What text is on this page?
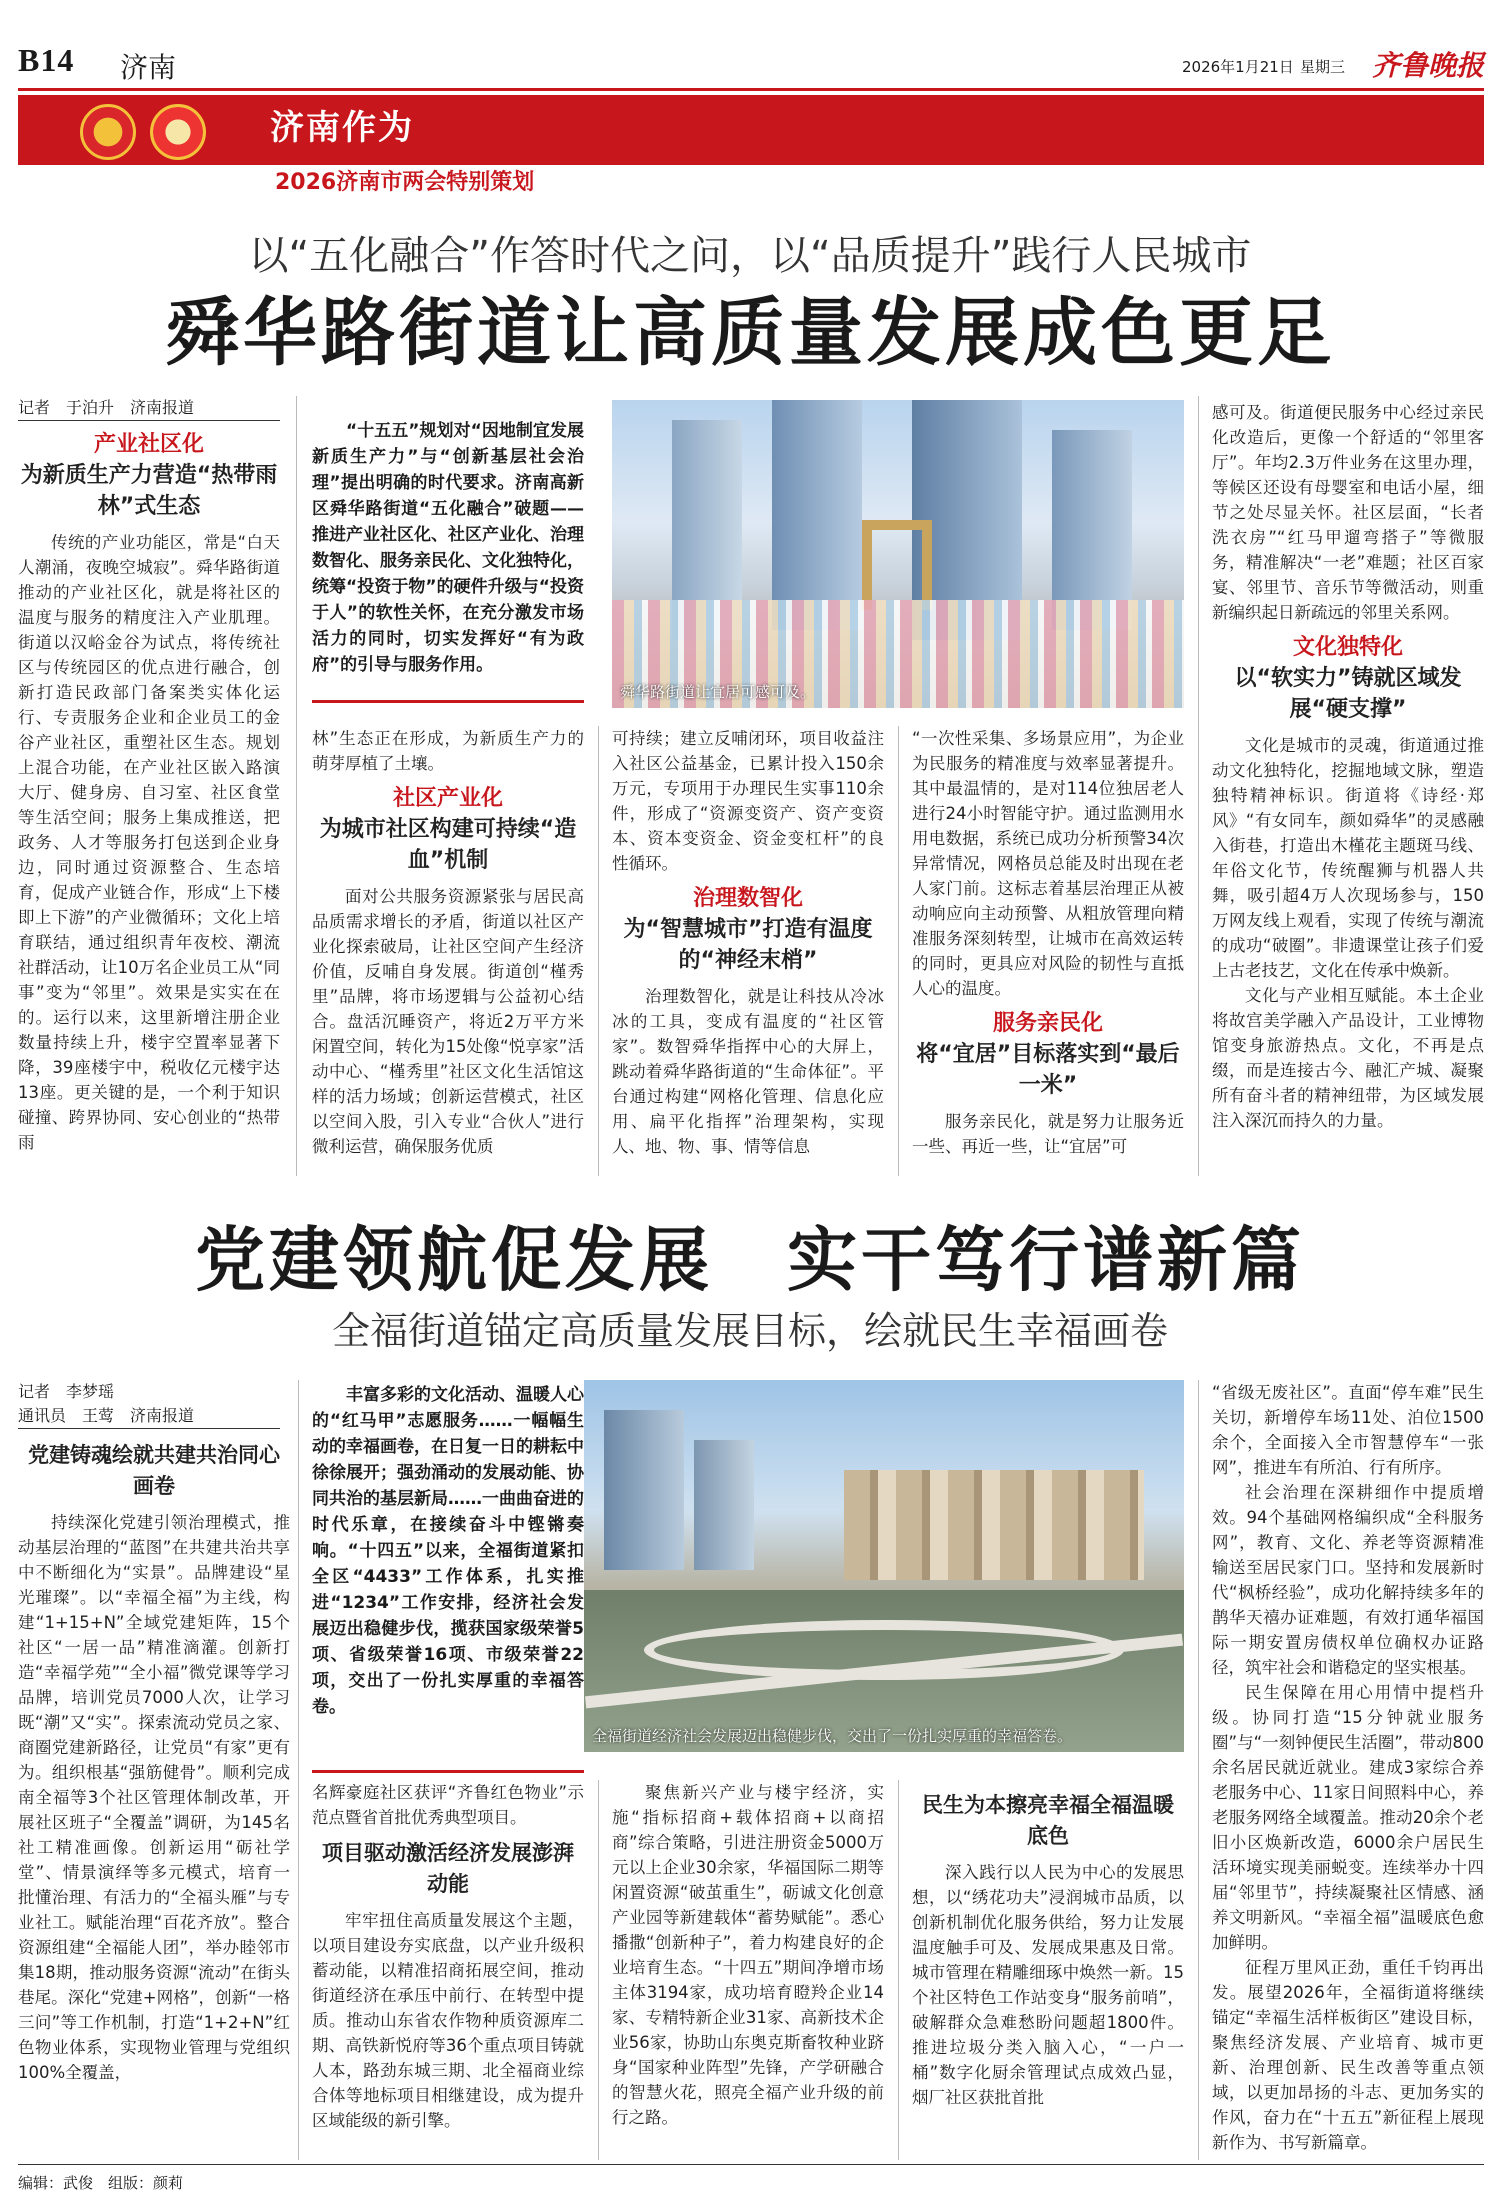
B14 济南	2026年1月21日 星期三 齐鲁晚报
济南作为
2026济南市两会特别策划
以“五化融合”作答时代之问，以“品质提升”践行人民城市
舜华路街道让高质量发展成色更足
记者　于泊升　济南报道
产业社区化
为新质生产力营造“热带雨林”式生态

传统的产业功能区，常是“白天人潮涌，夜晚空城寂”。舜华路街道推动的产业社区化，就是将社区的温度与服务的精度注入产业肌理。街道以汉峪金谷为试点，将传统社区与传统园区的优点进行融合，创新打造民政部门备案类实体化运行、专责服务企业和企业员工的金谷产业社区，重塑社区生态。规划上混合功能，在产业社区嵌入路演大厅、健身房、自习室、社区食堂等生活空间；服务上集成推送，把政务、人才等服务打包送到企业身边，同时通过资源整合、生态培育，促成产业链合作，形成“上下楼即上下游”的产业微循环；文化上培育联结，通过组织青年夜校、潮流社群活动，让10万名企业员工从“同事”变为“邻里”。效果是实实在在的。运行以来，这里新增注册企业数量持续上升，楼宇空置率显著下降，39座楼宇中，税收亿元楼宇达13座。更关键的是，一个利于知识碰撞、跨界协同、安心创业的“热带雨

“十五五”规划对“因地制宜发展新质生产力”与“创新基层社会治理”提出明确的时代要求。济南高新区舜华路街道“五化融合”破题——推进产业社区化、社区产业化、治理数智化、服务亲民化、文化独特化，统筹“投资于物”的硬件升级与“投资于人”的软性关怀，在充分激发市场活力的同时，切实发挥好“有为政府”的引导与服务作用。

舜华路街道让宜居可感可及。
林”生态正在形成，为新质生产力的萌芽厚植了土壤。
社区产业化
为城市社区构建可持续“造血”机制

面对公共服务资源紧张与居民高品质需求增长的矛盾，街道以社区产业化探索破局，让社区空间产生经济价值，反哺自身发展。街道创“槿秀里”品牌，将市场逻辑与公益初心结合。盘活沉睡资产，将近2万平方米闲置空间，转化为15处像“悦享家”活动中心、“槿秀里”社区文化生活馆这样的活力场域；创新运营模式，社区以空间入股，引入专业“合伙人”进行微利运营，确保服务优质

可持续；建立反哺闭环，项目收益注入社区公益基金，已累计投入150余万元，专项用于办理民生实事110余件，形成了“资源变资产、资产变资本、资本变资金、资金变杠杆”的良性循环。
治理数智化
为“智慧城市”打造有温度的“神经末梢”

治理数智化，就是让科技从冷冰冰的工具，变成有温度的“社区管家”。数智舜华指挥中心的大屏上，跳动着舜华路街道的“生命体征”。平台通过构建“网格化管理、信息化应用、扁平化指挥”治理架构，实现人、地、物、事、情等信息

“一次性采集、多场景应用”，为企业为民服务的精准度与效率显著提升。其中最温情的，是对114位独居老人进行24小时智能守护。通过监测用水用电数据，系统已成功分析预警34次异常情况，网格员总能及时出现在老人家门前。这标志着基层治理正从被动响应向主动预警、从粗放管理向精准服务深刻转型，让城市在高效运转的同时，更具应对风险的韧性与直抵人心的温度。
服务亲民化
将“宜居”目标落实到“最后一米”

服务亲民化，就是努力让服务近一些、再近一些，让“宜居”可

感可及。街道便民服务中心经过亲民化改造后，更像一个舒适的“邻里客厅”。年均2.3万件业务在这里办理，等候区还设有母婴室和电话小屋，细节之处尽显关怀。社区层面，“长者洗衣房”“红马甲遛弯搭子”等微服务，精准解决“一老”难题；社区百家宴、邻里节、音乐节等微活动，则重新编织起日新疏远的邻里关系网。
文化独特化
以“软实力”铸就区域发展“硬支撑”

文化是城市的灵魂，街道通过推动文化独特化，挖掘地域文脉，塑造独特精神标识。街道将《诗经·郑风》“有女同车，颜如舜华”的灵感融入街巷，打造出木槿花主题斑马线、年俗文化节，传统醒狮与机器人共舞，吸引超4万人次现场参与，150万网友线上观看，实现了传统与潮流的成功“破圈”。非遗课堂让孩子们爱上古老技艺，文化在传承中焕新。

文化与产业相互赋能。本土企业将故宫美学融入产品设计，工业博物馆变身旅游热点。文化，不再是点缀，而是连接古今、融汇产城、凝聚所有奋斗者的精神纽带，为区域发展注入深沉而持久的力量。

党建领航促发展　实干笃行谱新篇
全福街道锚定高质量发展目标，绘就民生幸福画卷
记者　李梦瑶
通讯员　王莺　济南报道
党建铸魂绘就共建共治同心画卷

持续深化党建引领治理模式，推动基层治理的“蓝图”在共建共治共享中不断细化为“实景”。品牌建设“星光璀璨”。以“幸福全福”为主线，构建“1+15+N”全域党建矩阵，15个社区“一居一品”精准滴灌。创新打造“幸福学苑”“全小福”微党课等学习品牌，培训党员7000人次，让学习既“潮”又“实”。探索流动党员之家、商圈党建新路径，让党员“有家”更有为。组织根基“强筋健骨”。顺利完成南全福等3个社区管理体制改革，开展社区班子“全覆盖”调研，为145名社工精准画像。创新运用“砺社学堂”、情景演绎等多元模式，培育一批懂治理、有活力的“全福头雁”与专业社工。赋能治理“百花齐放”。整合资源组建“全福能人团”，举办睦邻市集18期，推动服务资源“流动”在街头巷尾。深化“党建+网格”，创新“一格三问”等工作机制，打造“1+2+N”红色物业体系，实现物业管理与党组织100%全覆盖，

丰富多彩的文化活动、温暖人心的“红马甲”志愿服务……一幅幅生动的幸福画卷，在日复一日的耕耘中徐徐展开；强劲涌动的发展动能、协同共治的基层新局……一曲曲奋进的时代乐章，在接续奋斗中铿锵奏响。“十四五”以来，全福街道紧扣全区“4433”工作体系，扎实推进“1234”工作安排，经济社会发展迈出稳健步伐，揽获国家级荣誉5项、省级荣誉16项、市级荣誉22项，交出了一份扎实厚重的幸福答卷。

全福街道经济社会发展迈出稳健步伐，交出了一份扎实厚重的幸福答卷。
名辉豪庭社区获评“齐鲁红色物业”示范点暨省首批优秀典型项目。
项目驱动激活经济发展澎湃动能

牢牢扭住高质量发展这个主题，以项目建设夯实底盘，以产业升级积蓄动能，以精准招商拓展空间，推动街道经济在承压中前行、在转型中提质。推动山东省农作物种质资源库二期、高铁新悦府等36个重点项目铸就人本，路劲东城三期、北全福商业综合体等地标项目相继建设，成为提升区域能级的新引擎。

聚焦新兴产业与楼宇经济，实施“指标招商+载体招商+以商招商”综合策略，引进注册资金5000万元以上企业30余家，华福国际二期等闲置资源“破茧重生”，砺诚文化创意产业园等新建载体“蓄势赋能”。悉心播撒“创新种子”，着力构建良好的企业培育生态。“十四五”期间净增市场主体3194家，成功培育瞪羚企业14家、专精特新企业31家、高新技术企业56家，协助山东奥克斯畜牧种业跻身“国家种业阵型”先锋，产学研融合的智慧火花，照亮全福产业升级的前行之路。

民生为本擦亮幸福全福温暖底色

深入践行以人民为中心的发展思想，以“绣花功夫”浸润城市品质，以创新机制优化服务供给，努力让发展温度触手可及、发展成果惠及日常。城市管理在精雕细琢中焕然一新。15个社区特色工作站变身“服务前哨”，破解群众急难愁盼问题超1800件。推进垃圾分类入脑入心，“一户一桶”数字化厨余管理试点成效凸显，烟厂社区获批首批

“省级无废社区”。直面“停车难”民生关切，新增停车场11处、泊位1500余个，全面接入全市智慧停车“一张网”，推进车有所泊、行有所序。

社会治理在深耕细作中提质增效。94个基础网格编织成“全科服务网”，教育、文化、养老等资源精准输送至居民家门口。坚持和发展新时代“枫桥经验”，成功化解持续多年的鹊华天禧办证难题，有效打通华福国际一期安置房债权单位确权办证路径，筑牢社会和谐稳定的坚实根基。

民生保障在用心用情中提档升级。协同打造“15分钟就业服务圈”与“一刻钟便民生活圈”，带动800余名居民就近就业。建成3家综合养老服务中心、11家日间照料中心，养老服务网络全域覆盖。推动20余个老旧小区焕新改造，6000余户居民生活环境实现美丽蜕变。连续举办十四届“邻里节”，持续凝聚社区情感、涵养文明新风。“幸福全福”温暖底色愈加鲜明。

征程万里风正劲，重任千钧再出发。展望2026年，全福街道将继续锚定“幸福生活样板街区”建设目标，聚焦经济发展、产业培育、城市更新、治理创新、民生改善等重点领域，以更加昂扬的斗志、更加务实的作风，奋力在“十五五”新征程上展现新作为、书写新篇章。

编辑：武俊　组版：颜莉
